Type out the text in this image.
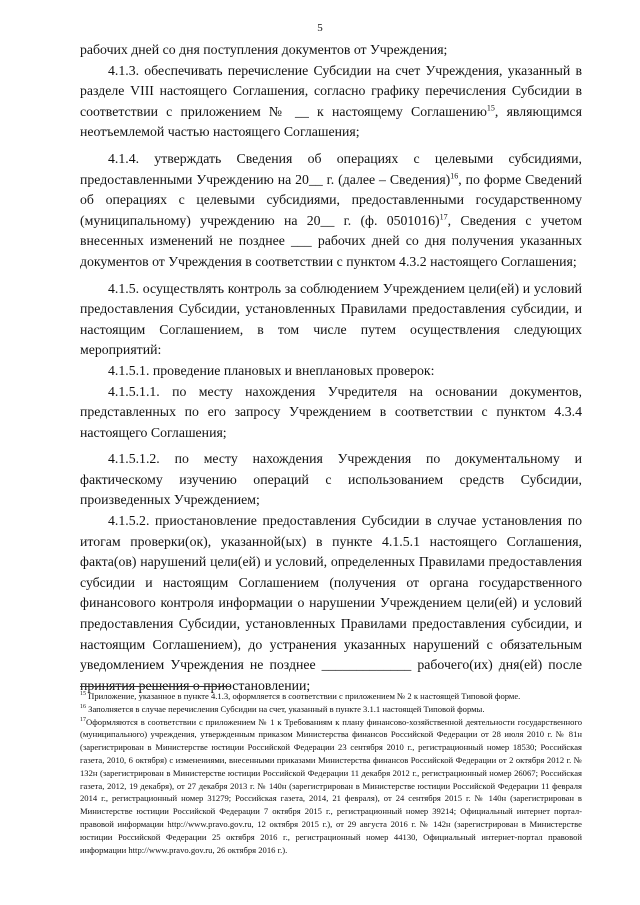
5

рабочих дней со дня поступления документов от Учреждения;

4.1.3. обеспечивать перечисление Субсидии на счет Учреждения, указанный в разделе VIII настоящего Соглашения, согласно графику перечисления Субсидии в соответствии с приложением № __ к настоящему Соглашению$^{15}$, являющимся неотъемлемой частью настоящего Соглашения;

4.1.4. утверждать Сведения об операциях с целевыми субсидиями, предоставленными Учреждению на 20__ г. (далее – Сведения)$^{16}$, по форме Сведений об операциях с целевыми субсидиями, предоставленными государственному (муниципальному) учреждению на 20__ г. (ф. 0501016)$^{17}$, Сведения с учетом внесенных изменений не позднее ___ рабочих дней со дня получения указанных документов от Учреждения в соответствии с пунктом 4.3.2 настоящего Соглашения;

4.1.5. осуществлять контроль за соблюдением Учреждением цели(ей) и условий предоставления Субсидии, установленных Правилами предоставления субсидии, и настоящим Соглашением, в том числе путем осуществления следующих мероприятий:

4.1.5.1. проведение плановых и внеплановых проверок:

4.1.5.1.1. по месту нахождения Учредителя на основании документов, представленных по его запросу Учреждением в соответствии с пунктом 4.3.4 настоящего Соглашения;

4.1.5.1.2. по месту нахождения Учреждения по документальному и фактическому изучению операций с использованием средств Субсидии, произведенных Учреждением;

4.1.5.2. приостановление предоставления Субсидии в случае установления по итогам проверки(ок), указанной(ых) в пункте 4.1.5.1 настоящего Соглашения, факта(ов) нарушений цели(ей) и условий, определенных Правилами предоставления субсидии и настоящим Соглашением (получения от органа государственного финансового контроля информации о нарушении Учреждением цели(ей) и условий предоставления Субсидии, установленных Правилами предоставления субсидии, и настоящим Соглашением), до устранения указанных нарушений с обязательным уведомлением Учреждения не позднее _____________ рабочего(их) дня(ей) после принятия решения о приостановлении;

$^{15}$ Приложение, указанное в пункте 4.1.3, оформляется в соответствии с приложением № 2 к настоящей Типовой форме.

$^{16}$ Заполняется в случае перечисления Субсидии на счет, указанный в пункте 3.1.1 настоящей Типовой формы.

$^{17}$Оформляются в соответствии с приложением № 1 к Требованиям к плану финансово-хозяйственной деятельности государственного (муниципального) учреждения, утвержденным приказом Министерства финансов Российской Федерации от 28 июля 2010 г. № 81н (зарегистрирован в Министерстве юстиции Российской Федерации 23 сентября 2010 г., регистрационный номер 18530; Российская газета, 2010, 6 октября) с изменениями, внесенными приказами Министерства финансов Российской Федерации от 2 октября 2012 г. № 132н (зарегистрирован в Министерстве юстиции Российской Федерации 11 декабря 2012 г., регистрационный номер 26067; Российская газета, 2012, 19 декабря), от 27 декабря 2013 г. № 140н (зарегистрирован в Министерстве юстиции Российской Федерации 11 февраля 2014 г., регистрационный номер 31279; Российская газета, 2014, 21 февраля), от 24 сентября 2015 г. № 140н (зарегистрирован в Министерстве юстиции Российской Федерации 7 октября 2015 г., регистрационный номер 39214; Официальный интернет портал-правовой информации http://www.pravo.gov.ru, 12 октября 2015 г.), от 29 августа 2016 г. № 142н (зарегистрирован в Министерстве юстиции Российской Федерации 25 октября 2016 г., регистрационный номер 44130, Официальный интернет-портал правовой информации http://www.pravo.gov.ru, 26 октября 2016 г.).
